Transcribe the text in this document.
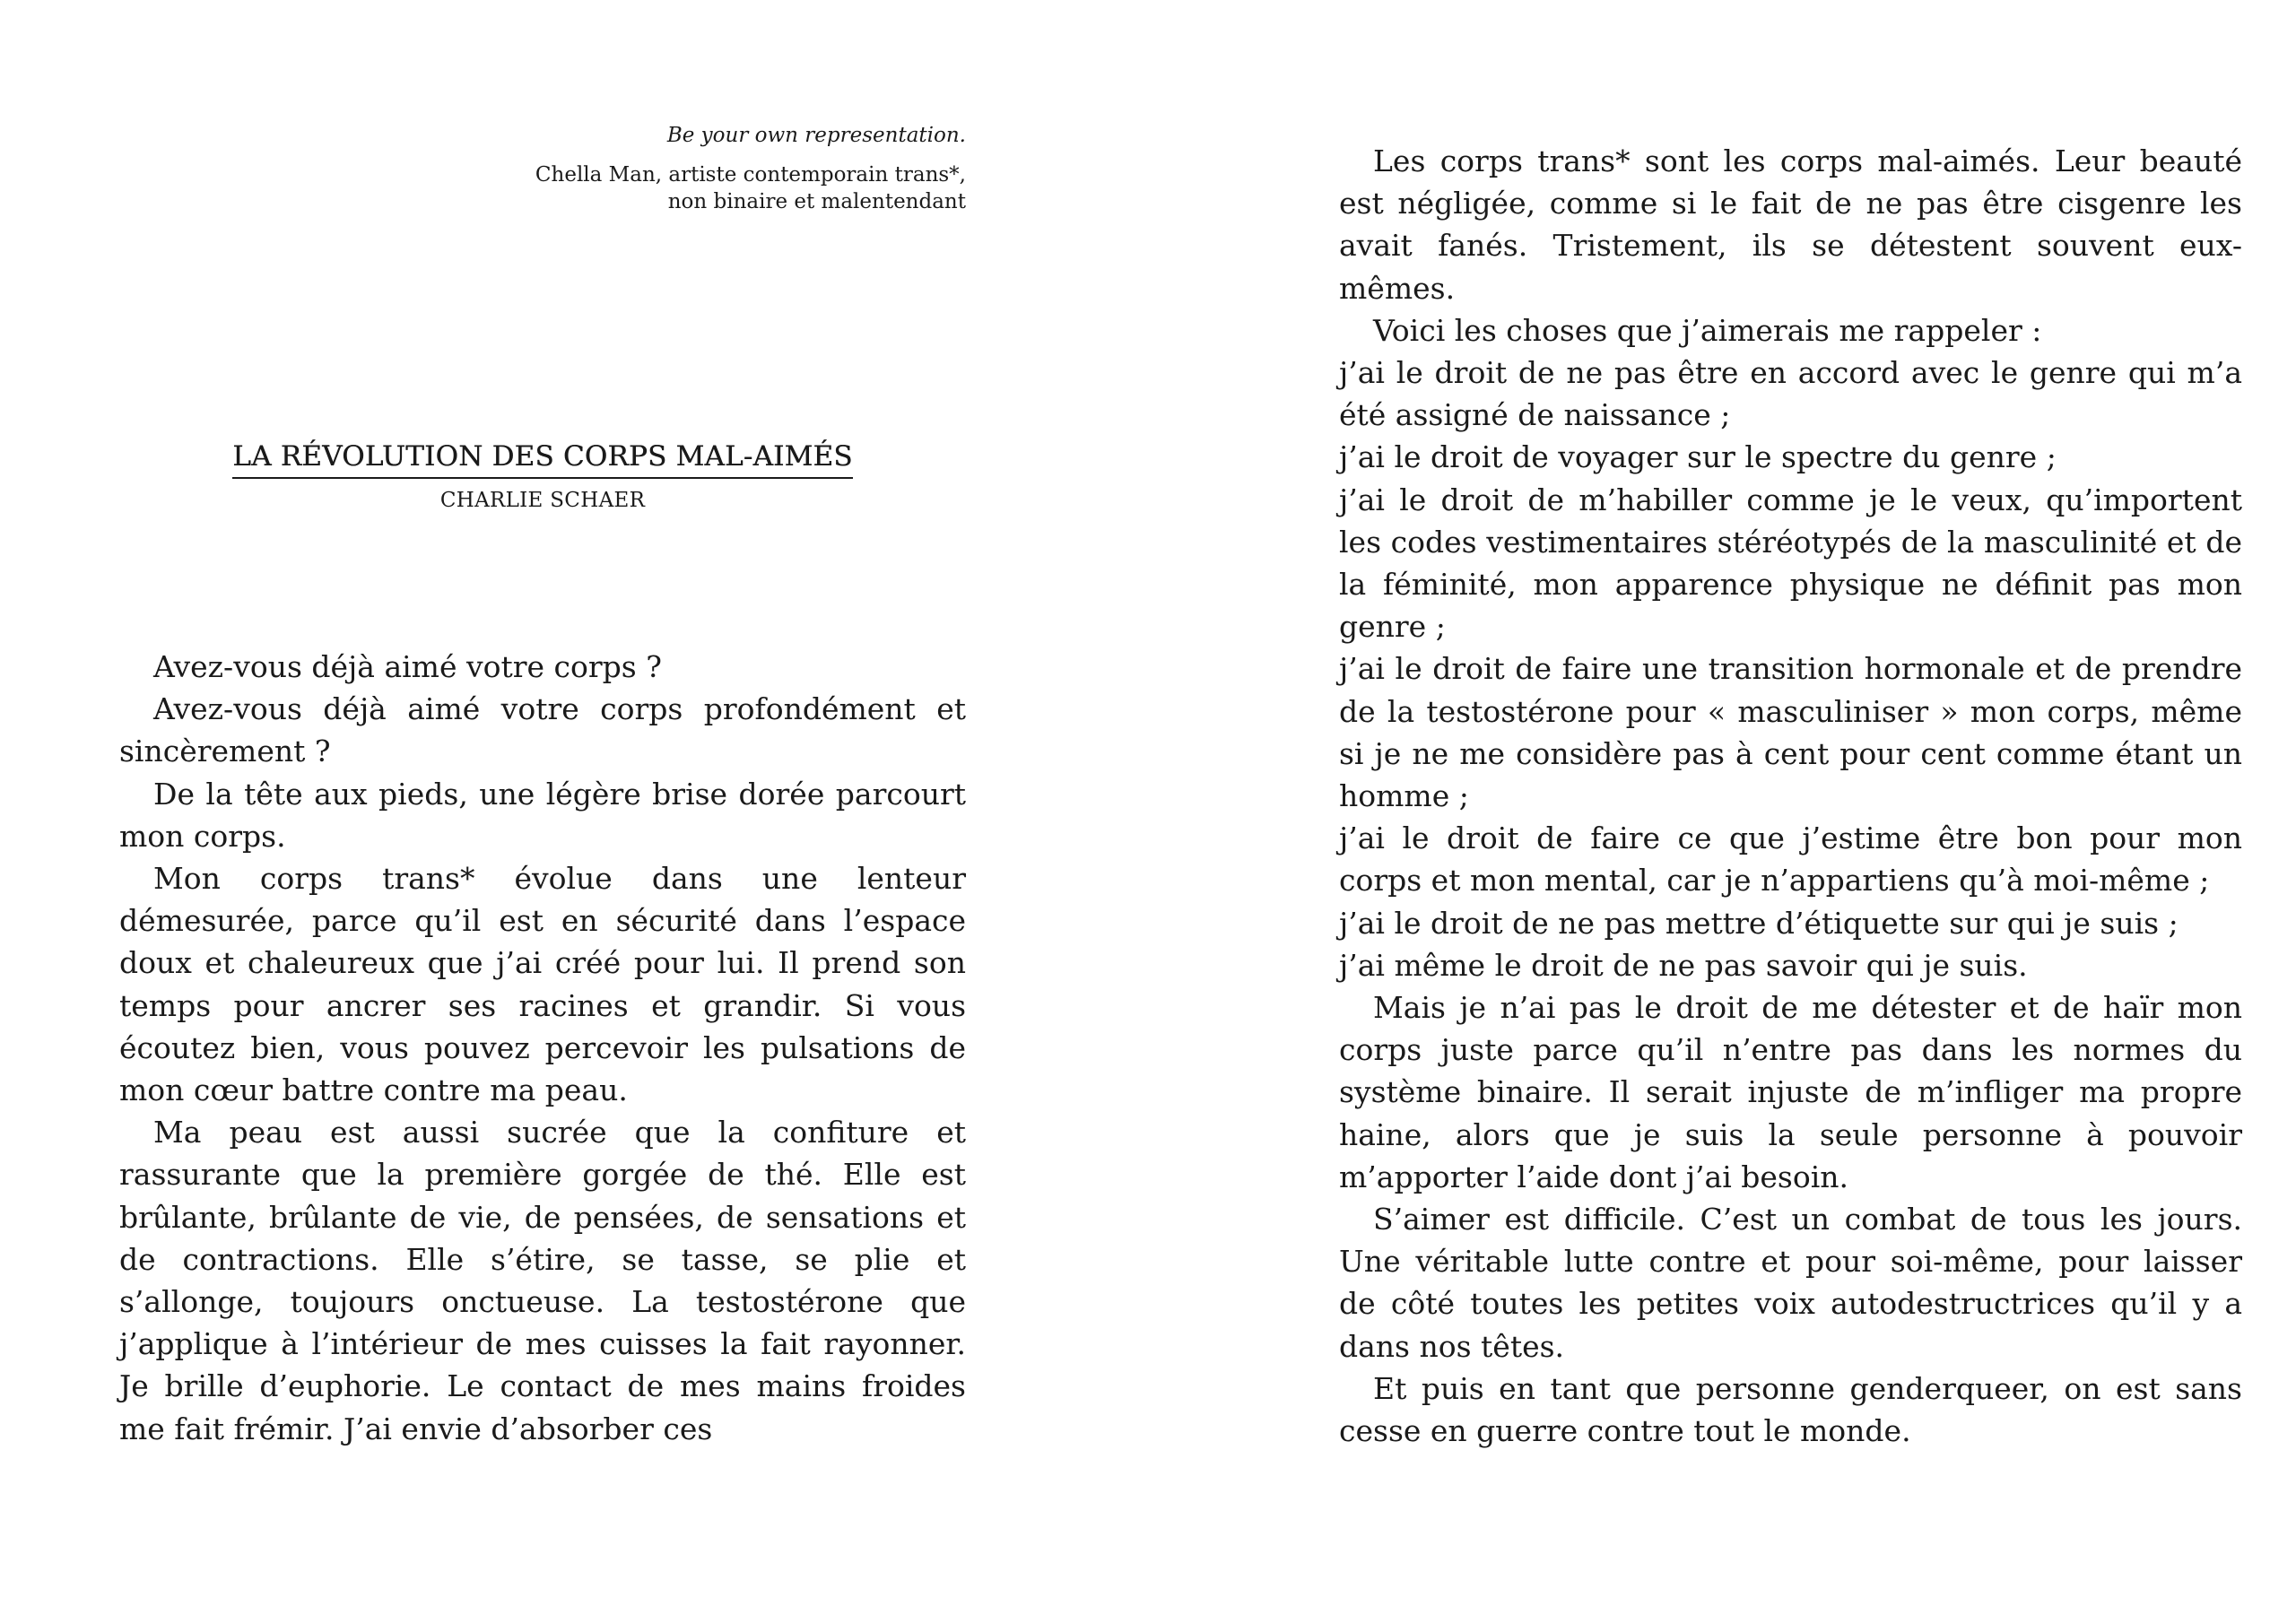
Be your own representation.

Chella Man, artiste contemporain trans*,
non binaire et malentendant

LA RÉVOLUTION DES CORPS MAL-AIMÉS
CHARLIE SCHAER

Avez-vous déjà aimé votre corps ?

Avez-vous déjà aimé votre corps profondément et sincèrement ?

De la tête aux pieds, une légère brise dorée parcourt mon corps.

Mon corps trans* évolue dans une lenteur démesurée, parce qu’il est en sécurité dans l’espace doux et chaleureux que j’ai créé pour lui. Il prend son temps pour ancrer ses racines et grandir. Si vous écoutez bien, vous pouvez percevoir les pulsations de mon cœur battre contre ma peau.

Ma peau est aussi sucrée que la confiture et rassurante que la première gorgée de thé. Elle est brûlante, brûlante de vie, de pensées, de sensations et de contractions. Elle s’étire, se tasse, se plie et s’allonge, toujours onctueuse. La testostérone que j’applique à l’intérieur de mes cuisses la fait rayonner. Je brille d’euphorie. Le contact de mes mains froides me fait frémir. J’ai envie d’absorber ces

Les corps trans* sont les corps mal-aimés. Leur beauté est négligée, comme si le fait de ne pas être cisgenre les avait fanés. Tristement, ils se détestent souvent eux-mêmes.

Voici les choses que j’aimerais me rappeler :

j’ai le droit de ne pas être en accord avec le genre qui m’a été assigné de naissance ;

j’ai le droit de voyager sur le spectre du genre ;

j’ai le droit de m’habiller comme je le veux, qu’importent les codes vestimentaires stéréotypés de la masculinité et de la féminité, mon apparence physique ne définit pas mon genre ;

j’ai le droit de faire une transition hormonale et de prendre de la testostérone pour « masculiniser » mon corps, même si je ne me considère pas à cent pour cent comme étant un homme ;

j’ai le droit de faire ce que j’estime être bon pour mon corps et mon mental, car je n’appartiens qu’à moi-même ;

j’ai le droit de ne pas mettre d’étiquette sur qui je suis ;

j’ai même le droit de ne pas savoir qui je suis.

Mais je n’ai pas le droit de me détester et de haïr mon corps juste parce qu’il n’entre pas dans les normes du système binaire. Il serait injuste de m’infliger ma propre haine, alors que je suis la seule personne à pouvoir m’apporter l’aide dont j’ai besoin.

S’aimer est difficile. C’est un combat de tous les jours. Une véritable lutte contre et pour soi-même, pour laisser de côté toutes les petites voix autodestructrices qu’il y a dans nos têtes.

Et puis en tant que personne genderqueer, on est sans cesse en guerre contre tout le monde.
